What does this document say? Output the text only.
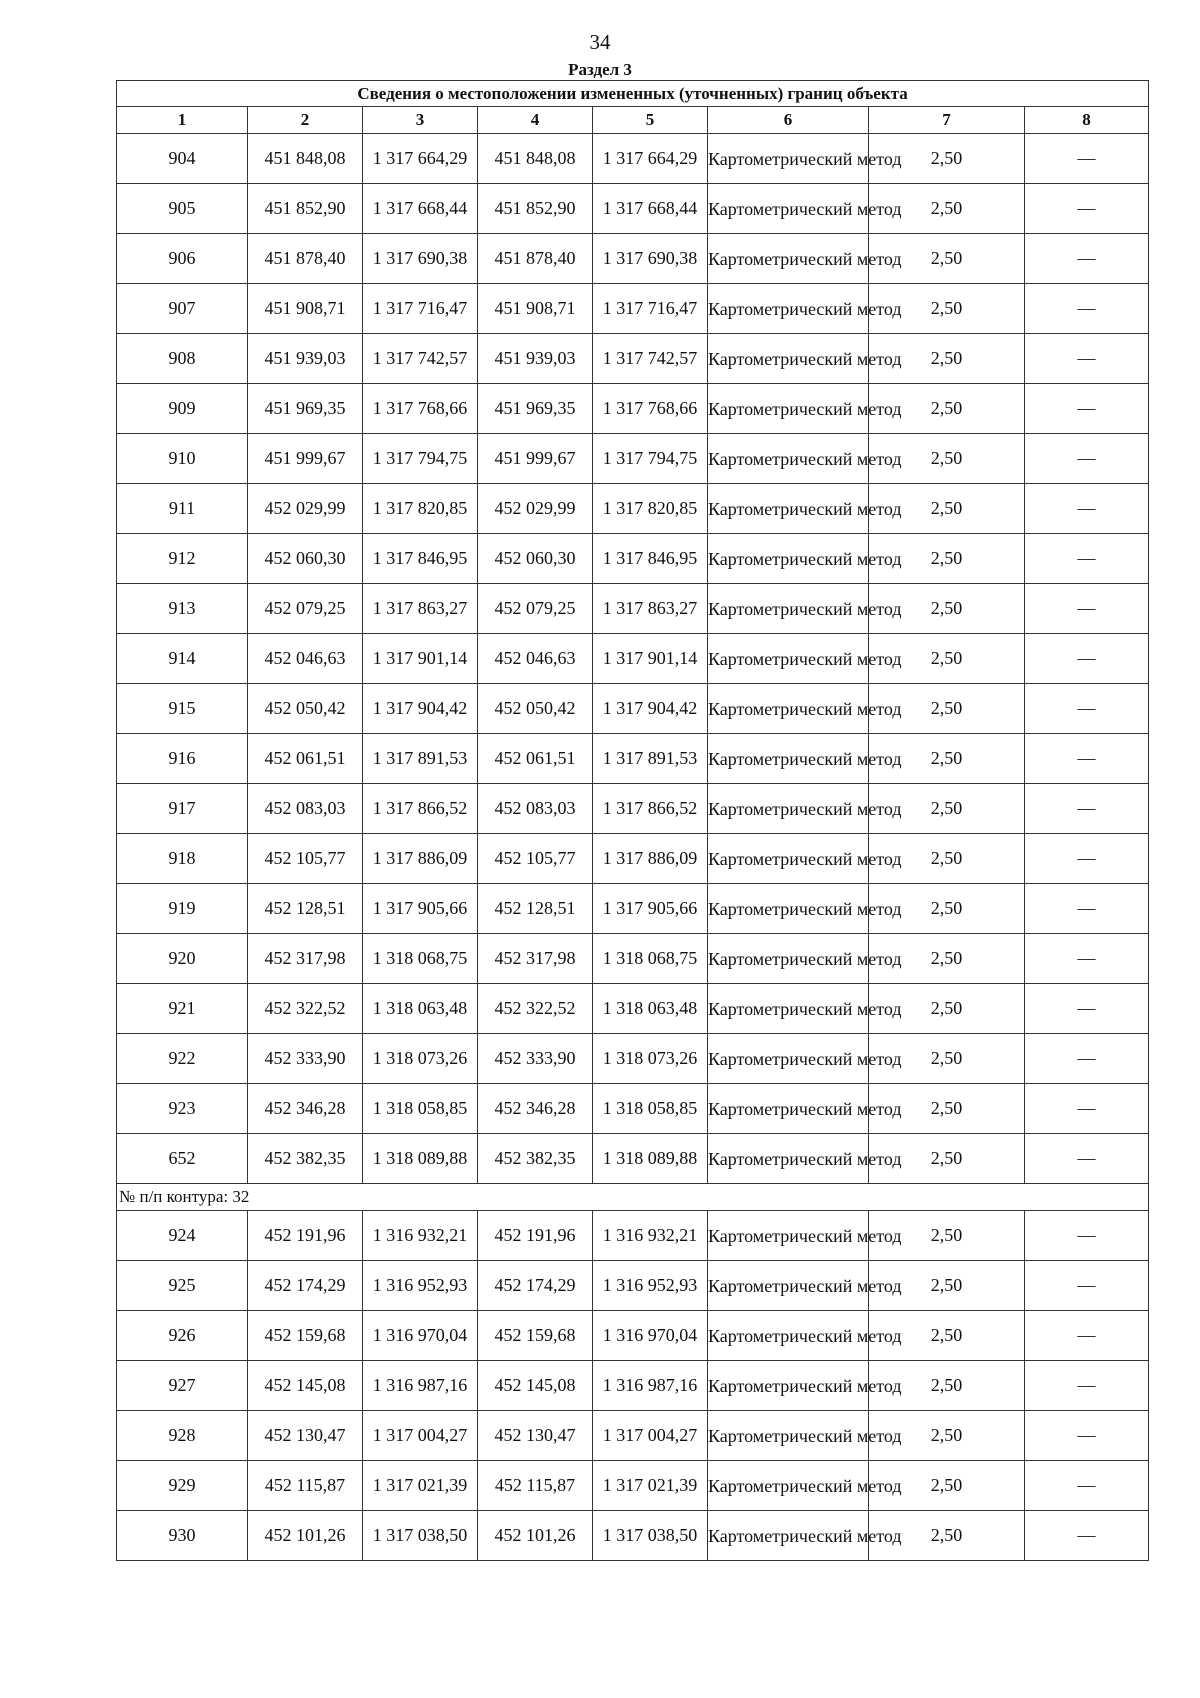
34
Раздел 3
Сведения о местоположении измененных (уточненных) границ объекта							
1	2	3	4	5	6	7	8
904	451 848,08	1 317 664,29	451 848,08	1 317 664,29	Картометрический метод	2,50	—
905	451 852,90	1 317 668,44	451 852,90	1 317 668,44	Картометрический метод	2,50	—
906	451 878,40	1 317 690,38	451 878,40	1 317 690,38	Картометрический метод	2,50	—
907	451 908,71	1 317 716,47	451 908,71	1 317 716,47	Картометрический метод	2,50	—
908	451 939,03	1 317 742,57	451 939,03	1 317 742,57	Картометрический метод	2,50	—
909	451 969,35	1 317 768,66	451 969,35	1 317 768,66	Картометрический метод	2,50	—
910	451 999,67	1 317 794,75	451 999,67	1 317 794,75	Картометрический метод	2,50	—
911	452 029,99	1 317 820,85	452 029,99	1 317 820,85	Картометрический метод	2,50	—
912	452 060,30	1 317 846,95	452 060,30	1 317 846,95	Картометрический метод	2,50	—
913	452 079,25	1 317 863,27	452 079,25	1 317 863,27	Картометрический метод	2,50	—
914	452 046,63	1 317 901,14	452 046,63	1 317 901,14	Картометрический метод	2,50	—
915	452 050,42	1 317 904,42	452 050,42	1 317 904,42	Картометрический метод	2,50	—
916	452 061,51	1 317 891,53	452 061,51	1 317 891,53	Картометрический метод	2,50	—
917	452 083,03	1 317 866,52	452 083,03	1 317 866,52	Картометрический метод	2,50	—
918	452 105,77	1 317 886,09	452 105,77	1 317 886,09	Картометрический метод	2,50	—
919	452 128,51	1 317 905,66	452 128,51	1 317 905,66	Картометрический метод	2,50	—
920	452 317,98	1 318 068,75	452 317,98	1 318 068,75	Картометрический метод	2,50	—
921	452 322,52	1 318 063,48	452 322,52	1 318 063,48	Картометрический метод	2,50	—
922	452 333,90	1 318 073,26	452 333,90	1 318 073,26	Картометрический метод	2,50	—
923	452 346,28	1 318 058,85	452 346,28	1 318 058,85	Картометрический метод	2,50	—
652	452 382,35	1 318 089,88	452 382,35	1 318 089,88	Картометрический метод	2,50	—
№ п/п контура: 32							
924	452 191,96	1 316 932,21	452 191,96	1 316 932,21	Картометрический метод	2,50	—
925	452 174,29	1 316 952,93	452 174,29	1 316 952,93	Картометрический метод	2,50	—
926	452 159,68	1 316 970,04	452 159,68	1 316 970,04	Картометрический метод	2,50	—
927	452 145,08	1 316 987,16	452 145,08	1 316 987,16	Картометрический метод	2,50	—
928	452 130,47	1 317 004,27	452 130,47	1 317 004,27	Картометрический метод	2,50	—
929	452 115,87	1 317 021,39	452 115,87	1 317 021,39	Картометрический метод	2,50	—
930	452 101,26	1 317 038,50	452 101,26	1 317 038,50	Картометрический метод	2,50	—
